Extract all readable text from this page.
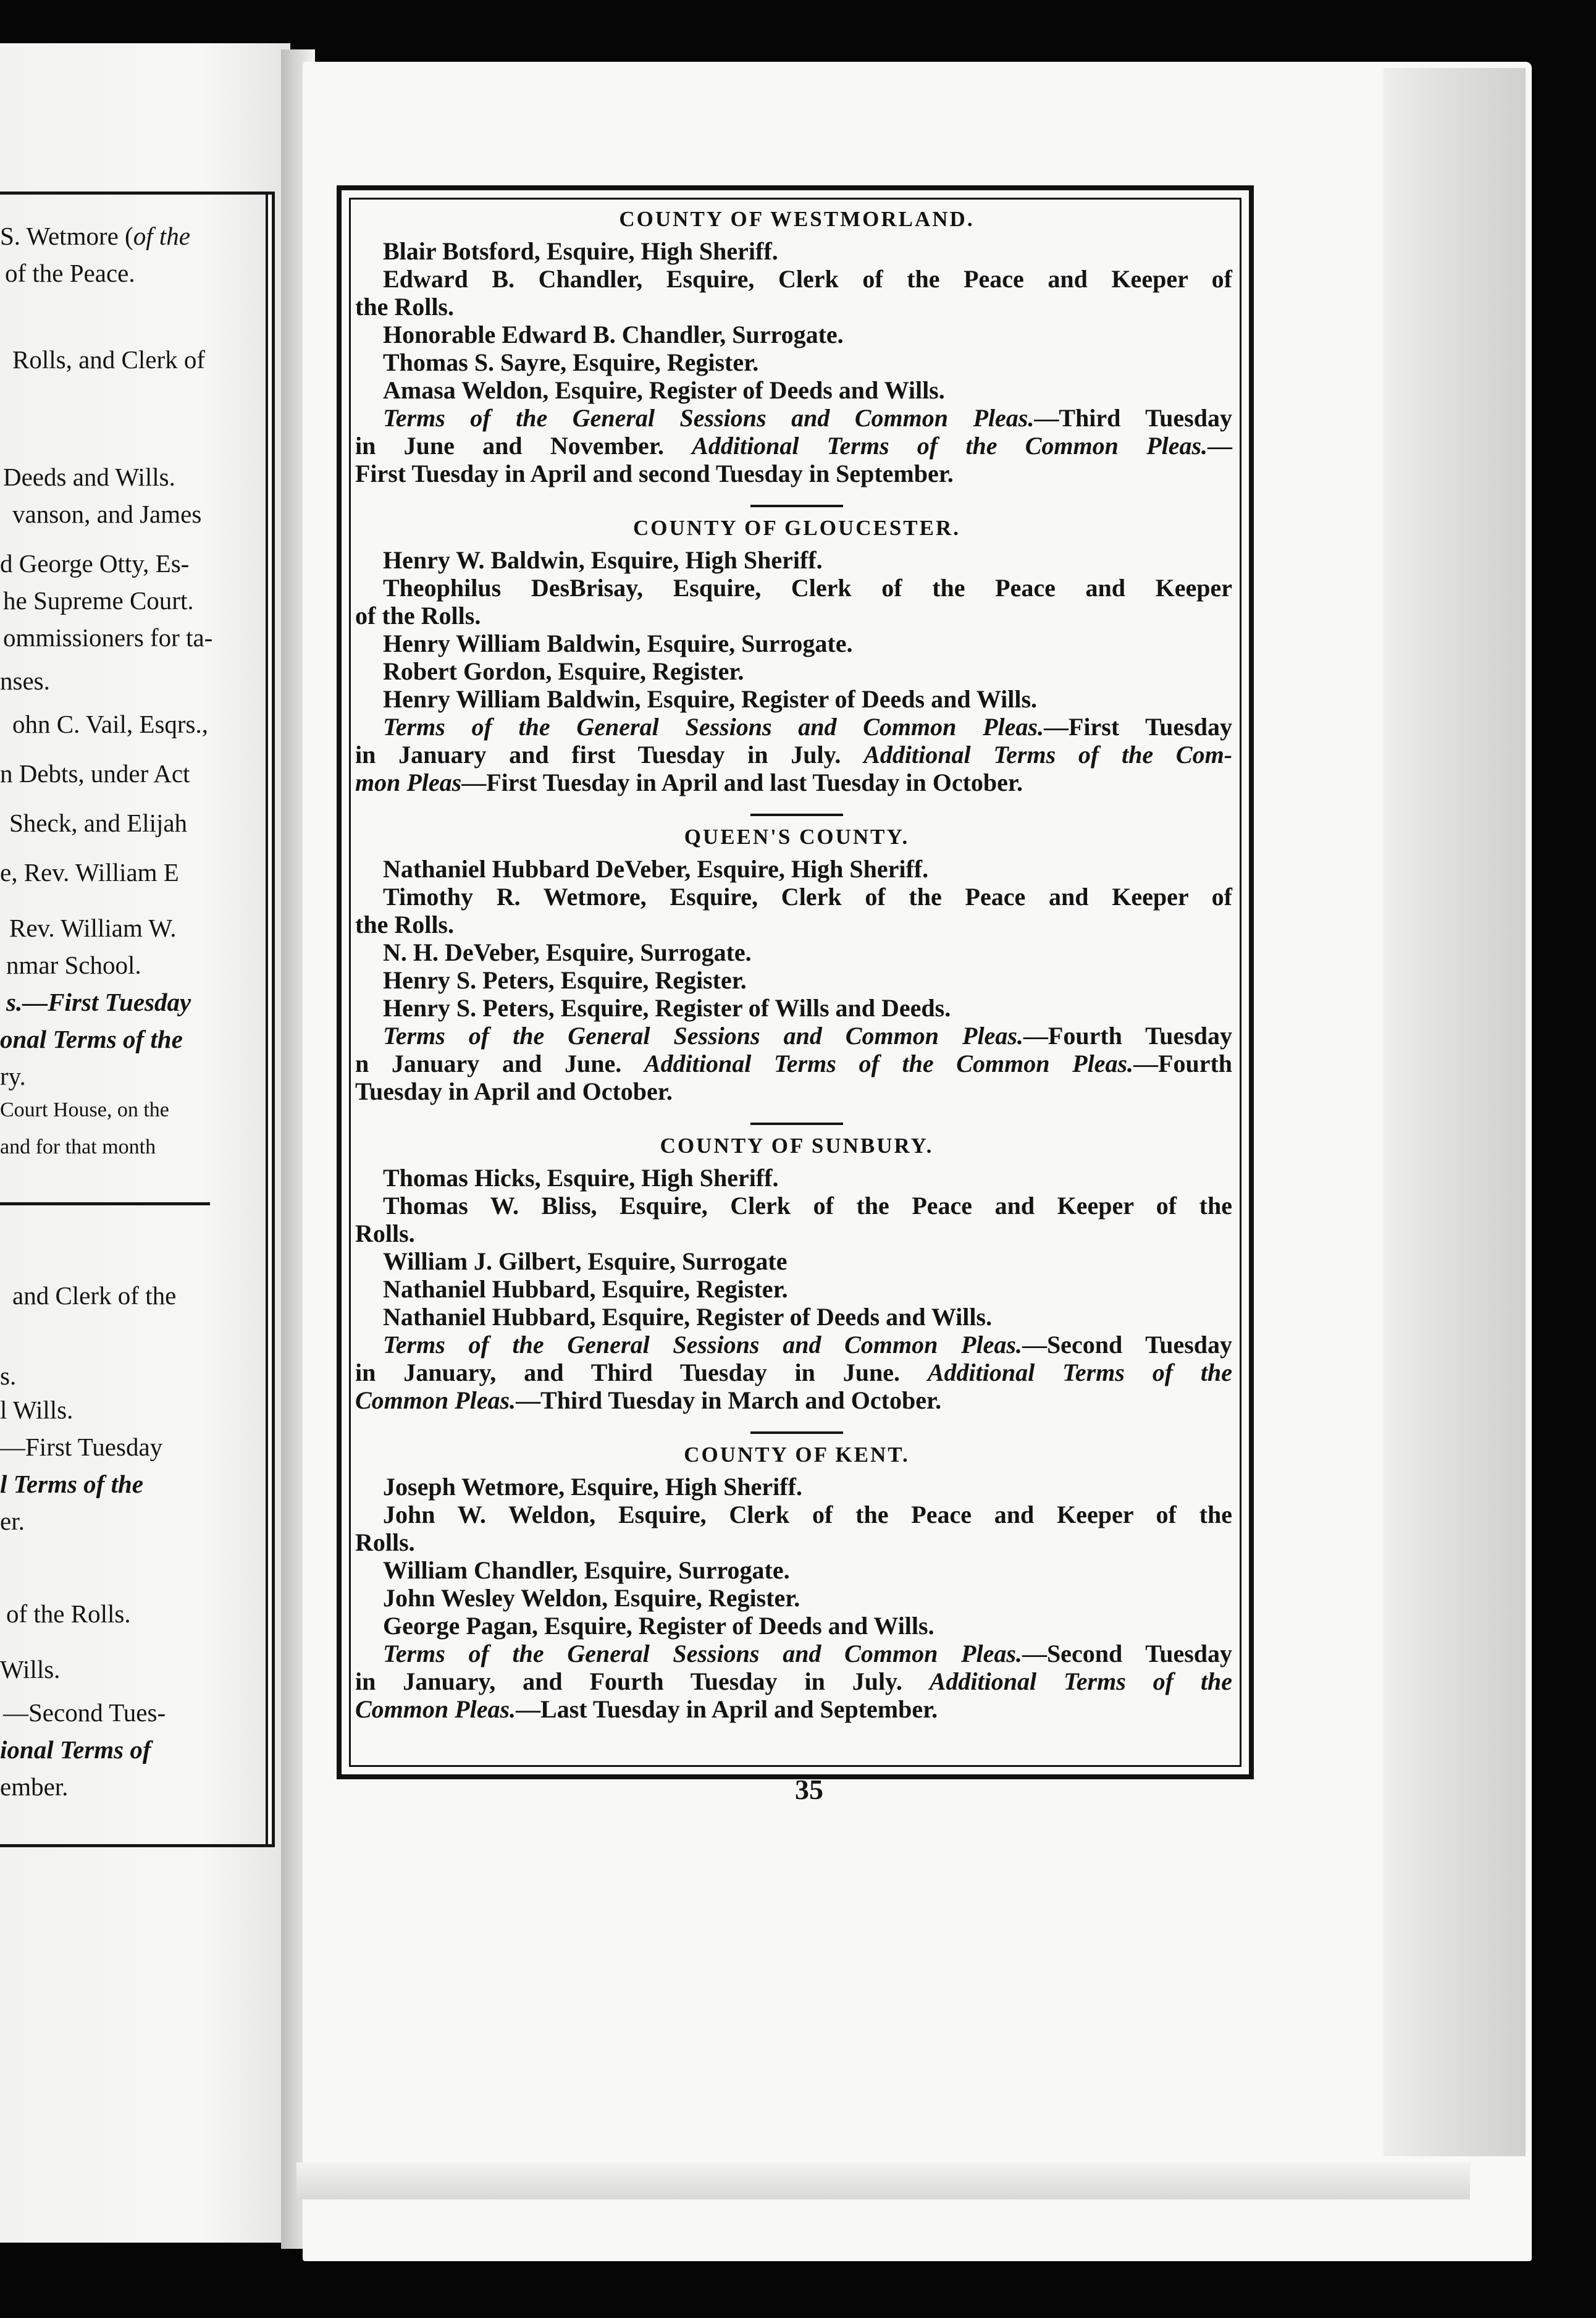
S. Wetmore (of the
of the Peace.
Rolls, and Clerk of
Deeds and Wills.
vanson, and James
d George Otty, Es-
he Supreme Court.
ommissioners for ta-
nses.
ohn C. Vail, Esqrs.,
n Debts, under Act
Sheck, and Elijah
e, Rev. William E
Rev. William W.
nmar School.
s.—First Tuesday
onal Terms of the
ry.
Court House, on the
and for that month
and Clerk of the
s.
l Wills.
—First Tuesday
l Terms of the
er.
of the Rolls.
Wills.
—Second Tues-
ional Terms of
ember.
COUNTY OF WESTMORLAND.
Blair Botsford, Esquire, High Sheriff.
Edward B. Chandler, Esquire, Clerk of the Peace and Keeper of
the Rolls.
Honorable Edward B. Chandler, Surrogate.
Thomas S. Sayre, Esquire, Register.
Amasa Weldon, Esquire, Register of Deeds and Wills.
Terms of the General Sessions and Common Pleas.—Third Tuesday
in June and November. Additional Terms of the Common Pleas.—
First Tuesday in April and second Tuesday in September.
COUNTY OF GLOUCESTER.
Henry W. Baldwin, Esquire, High Sheriff.
Theophilus DesBrisay, Esquire, Clerk of the Peace and Keeper
of the Rolls.
Henry William Baldwin, Esquire, Surrogate.
Robert Gordon, Esquire, Register.
Henry William Baldwin, Esquire, Register of Deeds and Wills.
Terms of the General Sessions and Common Pleas.—First Tuesday
in January and first Tuesday in July. Additional Terms of the Com-
mon Pleas—First Tuesday in April and last Tuesday in October.
QUEEN'S COUNTY.
Nathaniel Hubbard DeVeber, Esquire, High Sheriff.
Timothy R. Wetmore, Esquire, Clerk of the Peace and Keeper of
the Rolls.
N. H. DeVeber, Esquire, Surrogate.
Henry S. Peters, Esquire, Register.
Henry S. Peters, Esquire, Register of Wills and Deeds.
Terms of the General Sessions and Common Pleas.—Fourth Tuesday
n January and June. Additional Terms of the Common Pleas.—Fourth
Tuesday in April and October.
COUNTY OF SUNBURY.
Thomas Hicks, Esquire, High Sheriff.
Thomas W. Bliss, Esquire, Clerk of the Peace and Keeper of the
Rolls.
William J. Gilbert, Esquire, Surrogate
Nathaniel Hubbard, Esquire, Register.
Nathaniel Hubbard, Esquire, Register of Deeds and Wills.
Terms of the General Sessions and Common Pleas.—Second Tuesday
in January, and Third Tuesday in June. Additional Terms of the
Common Pleas.—Third Tuesday in March and October.
COUNTY OF KENT.
Joseph Wetmore, Esquire, High Sheriff.
John W. Weldon, Esquire, Clerk of the Peace and Keeper of the
Rolls.
William Chandler, Esquire, Surrogate.
John Wesley Weldon, Esquire, Register.
George Pagan, Esquire, Register of Deeds and Wills.
Terms of the General Sessions and Common Pleas.—Second Tuesday
in January, and Fourth Tuesday in July. Additional Terms of the
Common Pleas.—Last Tuesday in April and September.
35
